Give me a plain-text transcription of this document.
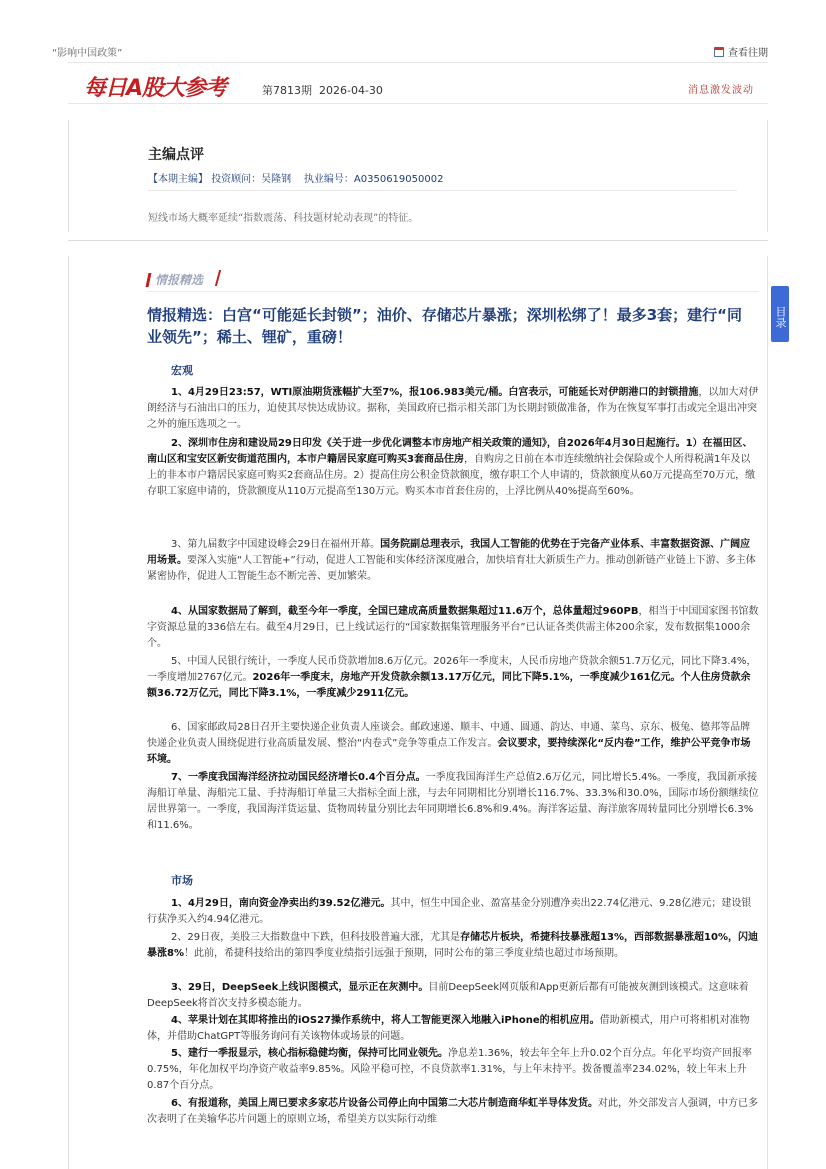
“影响中国政策”	查看往期
每日A股大参考	第7813期 2026-04-30	消息激发波动
主编点评
【本期主编】 投资顾问：吴隆钢 执业编号：A0350619050002
短线市场大概率延续“指数震荡、科技题材轮动表现”的特征。
目录
情报精选
情报精选：白宫“可能延长封锁”；油价、存储芯片暴涨；深圳松绑了！最多3套；建行“同业领先”；稀土、锂矿，重磅！
宏观
1、4月29日23:57，WTI原油期货涨幅扩大至7%，报106.983美元/桶。白宫表示，可能延长对伊朗港口的封锁措施，以加大对伊朗经济与石油出口的压力，迫使其尽快达成协议。据称，美国政府已指示相关部门为长期封锁做准备，作为在恢复军事打击或完全退出冲突之外的施压选项之一。
2、深圳市住房和建设局29日印发《关于进一步优化调整本市房地产相关政策的通知》，自2026年4月30日起施行。1）在福田区、南山区和宝安区新安街道范围内，本市户籍居民家庭可购买3套商品住房，自购房之日前在本市连续缴纳社会保险或个人所得税满1年及以上的非本市户籍居民家庭可购买2套商品住房。2）提高住房公积金贷款额度，缴存职工个人申请的，贷款额度从60万元提高至70万元，缴存职工家庭申请的，贷款额度从110万元提高至130万元。购买本市首套住房的，上浮比例从40%提高至60%。
3、第九届数字中国建设峰会29日在福州开幕。国务院副总理表示，我国人工智能的优势在于完备产业体系、丰富数据资源、广阔应用场景。要深入实施“人工智能+”行动，促进人工智能和实体经济深度融合，加快培育壮大新质生产力。推动创新链产业链上下游、多主体紧密协作，促进人工智能生态不断完善、更加繁荣。
4、从国家数据局了解到，截至今年一季度，全国已建成高质量数据集超过11.6万个，总体量超过960PB，相当于中国国家图书馆数字资源总量的336倍左右。截至4月29日，已上线试运行的“国家数据集管理服务平台”已认证各类供需主体200余家，发布数据集1000余个。
5、中国人民银行统计，一季度人民币贷款增加8.6万亿元。2026年一季度末，人民币房地产贷款余额51.7万亿元，同比下降3.4%，一季度增加2767亿元。2026年一季度末，房地产开发贷款余额13.17万亿元，同比下降5.1%，一季度减少161亿元。个人住房贷款余额36.72万亿元，同比下降3.1%，一季度减少2911亿元。
6、国家邮政局28日召开主要快递企业负责人座谈会。邮政速递、顺丰、中通、圆通、韵达、申通、菜鸟、京东、极兔、德邦等品牌快递企业负责人围绕促进行业高质量发展、整治“内卷式”竞争等重点工作发言。会议要求，要持续深化“反内卷”工作，维护公平竞争市场环境。
7、一季度我国海洋经济拉动国民经济增长0.4个百分点。一季度我国海洋生产总值2.6万亿元，同比增长5.4%。一季度，我国新承接海船订单量、海船完工量、手持海船订单量三大指标全面上涨，与去年同期相比分别增长116.7%、33.3%和30.0%，国际市场份额继续位居世界第一。一季度，我国海洋货运量、货物周转量分别比去年同期增长6.8%和9.4%。海洋客运量、海洋旅客周转量同比分别增长6.3%和11.6%。
市场
1、4月29日，南向资金净卖出约39.52亿港元。其中，恒生中国企业、盈富基金分别遭净卖出22.74亿港元、9.28亿港元；建设银行获净买入约4.94亿港元。
2、29日夜，美股三大指数盘中下跌，但科技股普遍大涨，尤其是存储芯片板块，希捷科技暴涨超13%，西部数据暴涨超10%，闪迪暴涨8%！此前，希捷科技给出的第四季度业绩指引远强于预期，同时公布的第三季度业绩也超过市场预期。
3、29日，DeepSeek上线识图模式，显示正在灰测中。目前DeepSeek网页版和App更新后都有可能被灰测到该模式。这意味着DeepSeek将首次支持多模态能力。
4、苹果计划在其即将推出的iOS27操作系统中，将人工智能更深入地融入iPhone的相机应用。借助新模式，用户可将相机对准物体，并借助ChatGPT等服务询问有关该物体或场景的问题。
5、建行一季报显示，核心指标稳健均衡，保持可比同业领先。净息差1.36%，较去年全年上升0.02个百分点。年化平均资产回报率0.75%，年化加权平均净资产收益率9.85%。风险平稳可控，不良贷款率1.31%，与上年末持平。拨备覆盖率234.02%，较上年末上升0.87个百分点。
6、有报道称，美国上周已要求多家芯片设备公司停止向中国第二大芯片制造商华虹半导体发货。对此，外交部发言人强调，中方已多次表明了在美输华芯片问题上的原则立场，希望美方以实际行动维
